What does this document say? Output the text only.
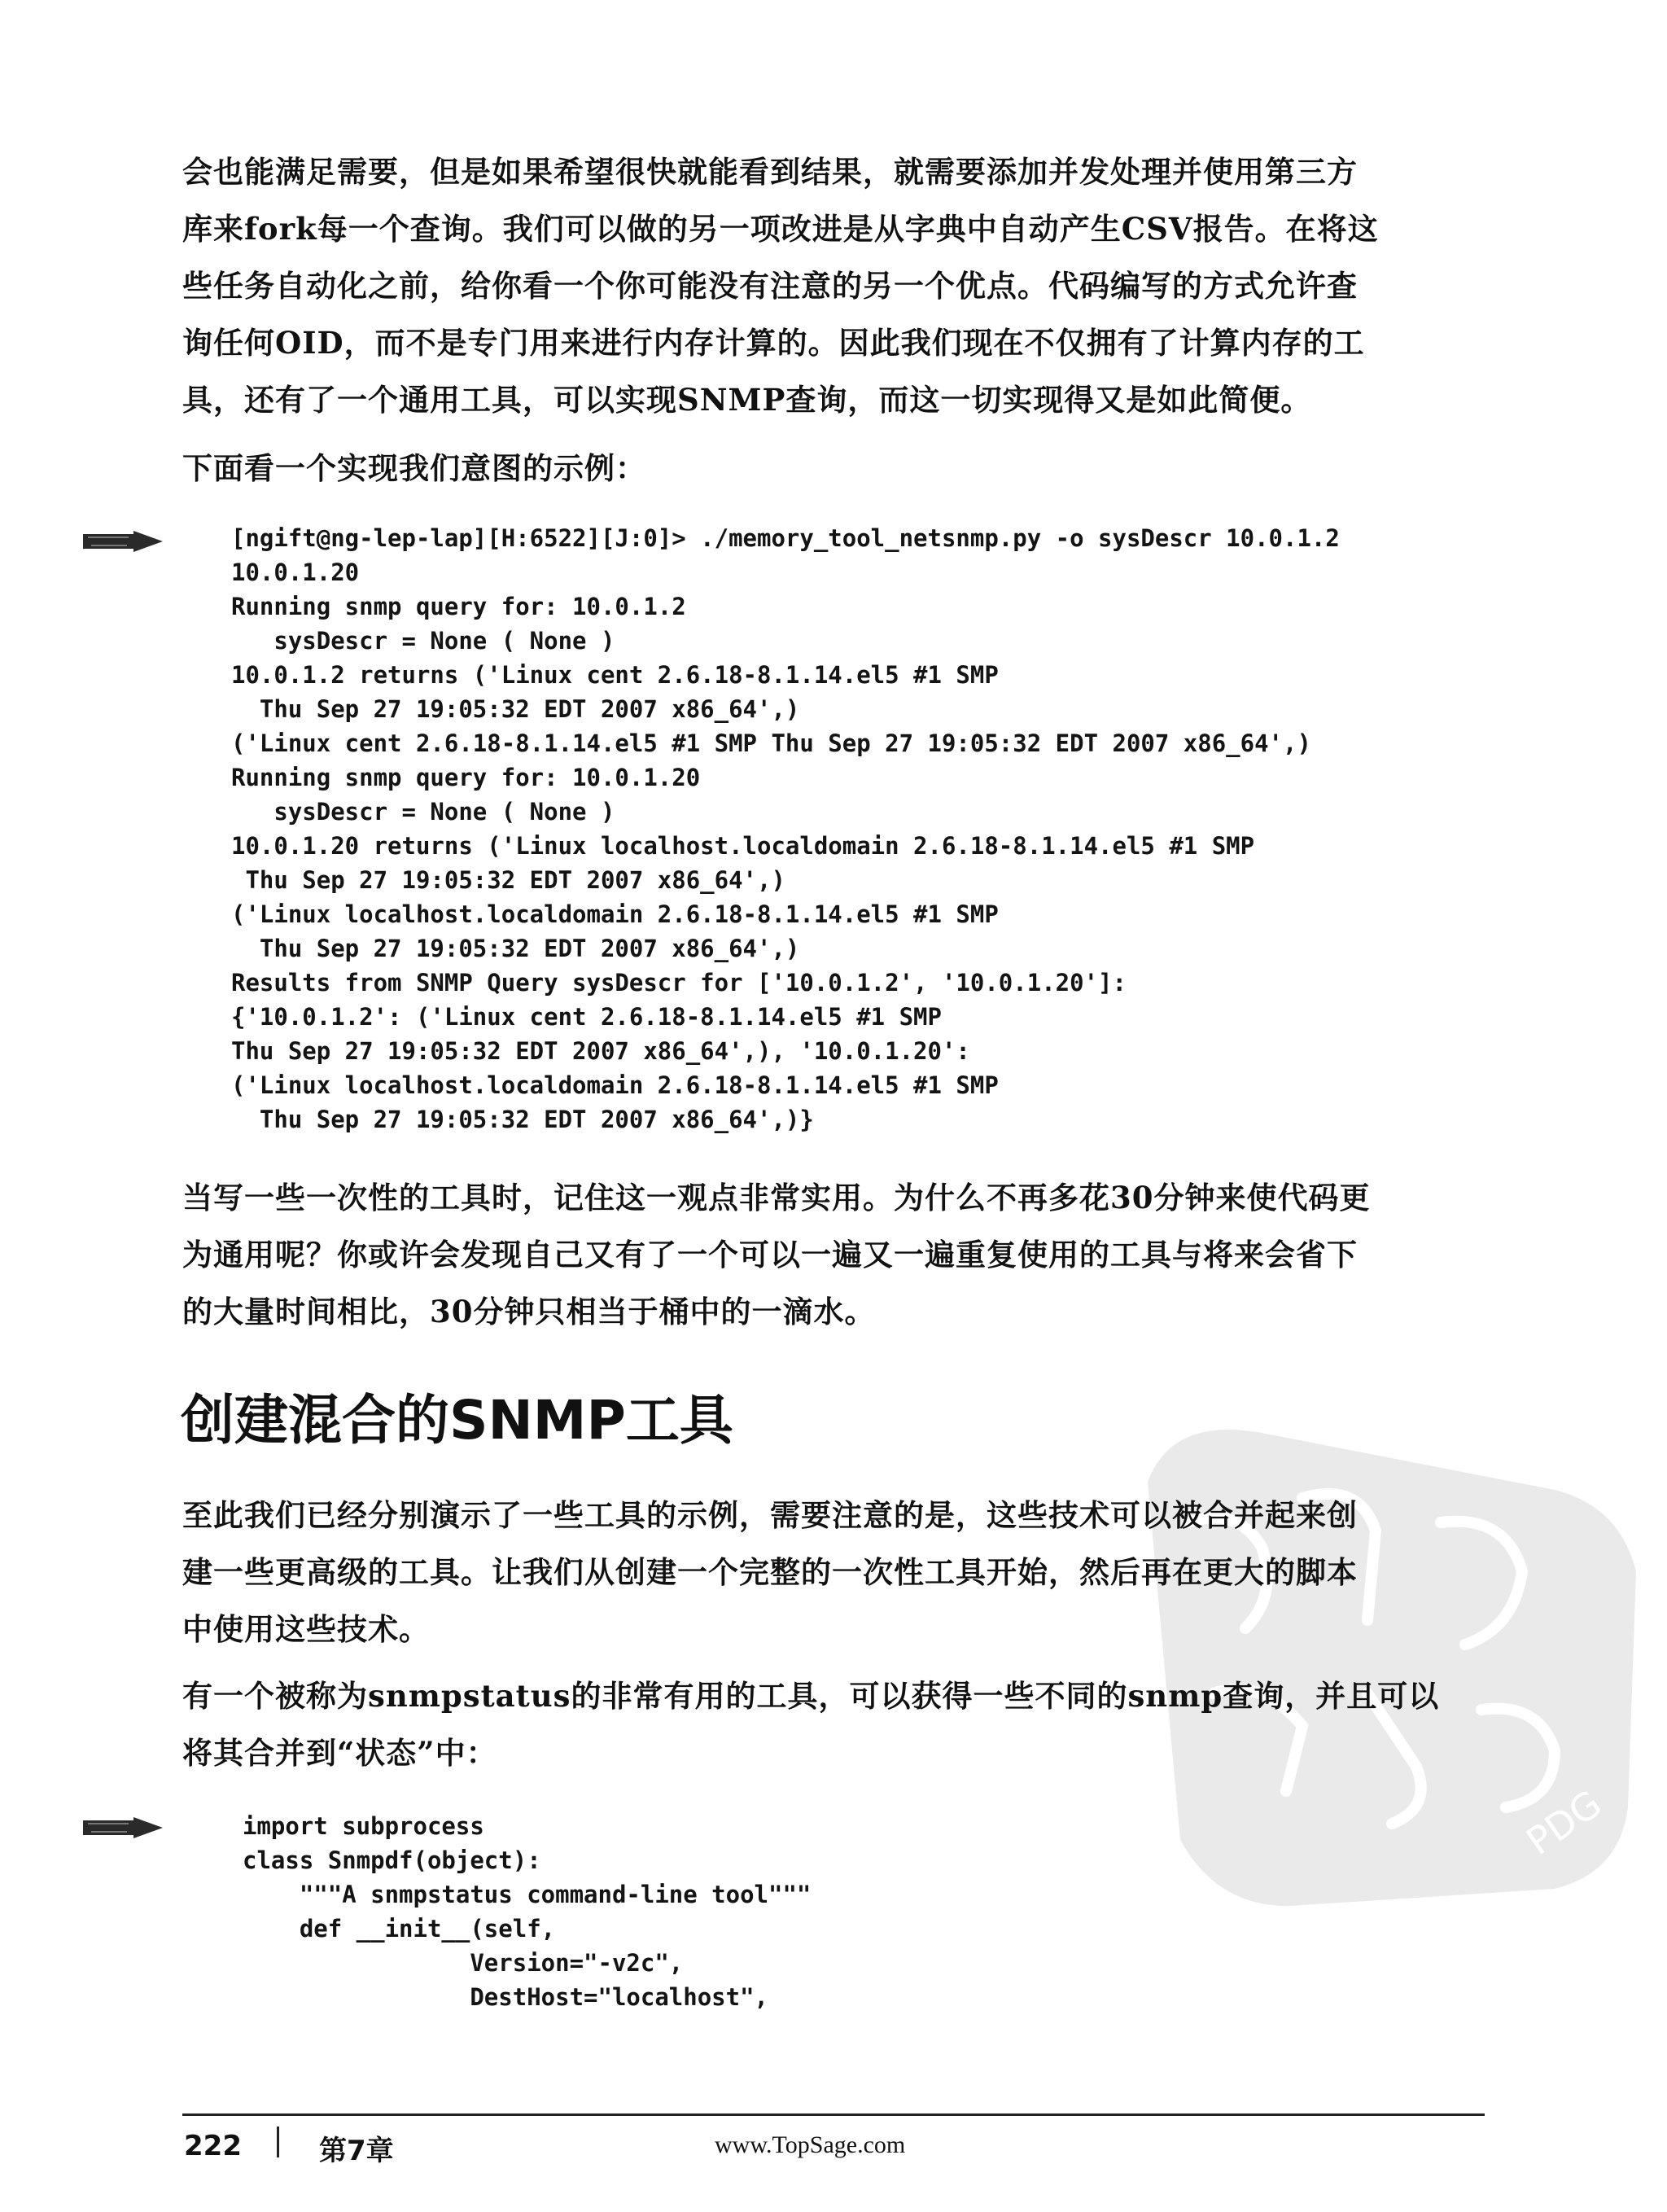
会也能满足需要，但是如果希望很快就能看到结果，就需要添加并发处理并使用第三方
库来fork每一个查询。我们可以做的另一项改进是从字典中自动产生CSV报告。在将这
些任务自动化之前，给你看一个你可能没有注意的另一个优点。代码编写的方式允许查
询任何OID，而不是专门用来进行内存计算的。因此我们现在不仅拥有了计算内存的工
具，还有了一个通用工具，可以实现SNMP查询，而这一切实现得又是如此简便。
下面看一个实现我们意图的示例：
[ngift@ng-lep-lap][H:6522][J:0]> ./memory_tool_netsnmp.py -o sysDescr 10.0.1.2
10.0.1.20
Running snmp query for: 10.0.1.2
sysDescr = None ( None )
10.0.1.2 returns ('Linux cent 2.6.18-8.1.14.el5 #1 SMP
Thu Sep 27 19:05:32 EDT 2007 x86_64',)
('Linux cent 2.6.18-8.1.14.el5 #1 SMP Thu Sep 27 19:05:32 EDT 2007 x86_64',)
Running snmp query for: 10.0.1.20
sysDescr = None ( None )
10.0.1.20 returns ('Linux localhost.localdomain 2.6.18-8.1.14.el5 #1 SMP
Thu Sep 27 19:05:32 EDT 2007 x86_64',)
('Linux localhost.localdomain 2.6.18-8.1.14.el5 #1 SMP
Thu Sep 27 19:05:32 EDT 2007 x86_64',)
Results from SNMP Query sysDescr for ['10.0.1.2', '10.0.1.20']:
{'10.0.1.2': ('Linux cent 2.6.18-8.1.14.el5 #1 SMP
Thu Sep 27 19:05:32 EDT 2007 x86_64',), '10.0.1.20':
('Linux localhost.localdomain 2.6.18-8.1.14.el5 #1 SMP
Thu Sep 27 19:05:32 EDT 2007 x86_64',)}
当写一些一次性的工具时，记住这一观点非常实用。为什么不再多花30分钟来使代码更
为通用呢？你或许会发现自己又有了一个可以一遍又一遍重复使用的工具与将来会省下
的大量时间相比，30分钟只相当于桶中的一滴水。
PDG
创建混合的SNMP工具
至此我们已经分别演示了一些工具的示例，需要注意的是，这些技术可以被合并起来创
建一些更高级的工具。让我们从创建一个完整的一次性工具开始，然后再在更大的脚本
中使用这些技术。
有一个被称为snmpstatus的非常有用的工具，可以获得一些不同的snmp查询，并且可以
将其合并到“状态”中：
import subprocess
class Snmpdf(object):
"""A snmpstatus command-line tool"""
def __init__(self,
Version="-v2c",
DestHost="localhost",
222	第7章	www.TopSage.com
